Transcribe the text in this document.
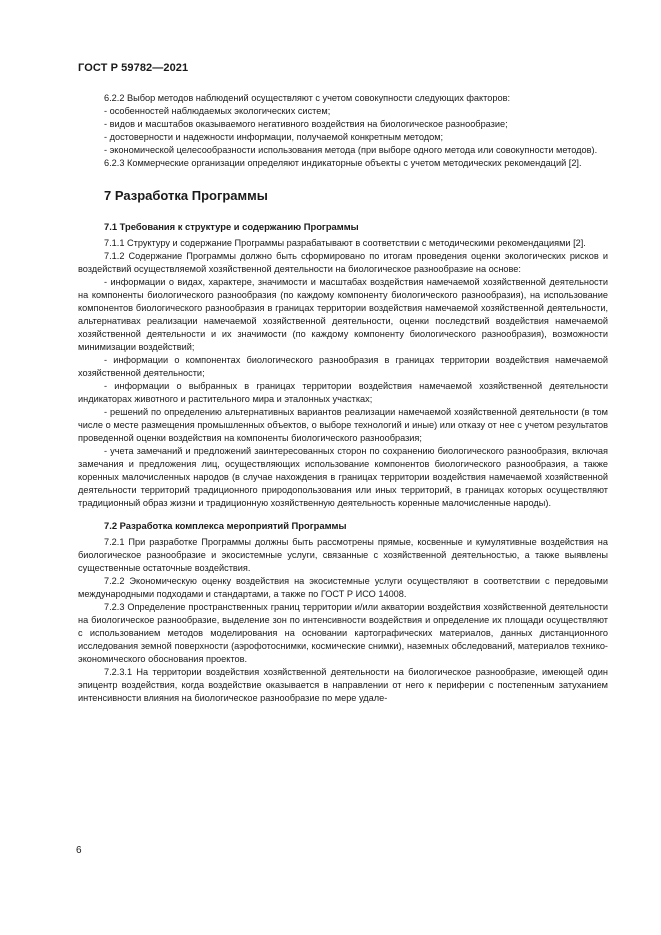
ГОСТ Р 59782—2021

6.2.2 Выбор методов наблюдений осуществляют с учетом совокупности следующих факторов:

- особенностей наблюдаемых экологических систем;

- видов и масштабов оказываемого негативного воздействия на биологическое разнообразие;

- достоверности и надежности информации, получаемой конкретным методом;

- экономической целесообразности использования метода (при выборе одного метода или совокупности методов).

6.2.3 Коммерческие организации определяют индикаторные объекты с учетом методических рекомендаций [2].

7 Разработка Программы
7.1 Требования к структуре и содержанию Программы

7.1.1 Структуру и содержание Программы разрабатывают в соответствии с методическими рекомендациями [2].

7.1.2 Содержание Программы должно быть сформировано по итогам проведения оценки экологических рисков и воздействий осуществляемой хозяйственной деятельности на биологическое разнообразие на основе:

- информации о видах, характере, значимости и масштабах воздействия намечаемой хозяйственной деятельности на компоненты биологического разнообразия (по каждому компоненту биологического разнообразия), на использование компонентов биологического разнообразия в границах территории воздействия намечаемой хозяйственной деятельности, альтернативах реализации намечаемой хозяйственной деятельности, оценки последствий воздействия намечаемой хозяйственной деятельности и их значимости (по каждому компоненту биологического разнообразия), возможности минимизации воздействий;

- информации о компонентах биологического разнообразия в границах территории воздействия намечаемой хозяйственной деятельности;

- информации о выбранных в границах территории воздействия намечаемой хозяйственной деятельности индикаторах животного и растительного мира и эталонных участках;

- решений по определению альтернативных вариантов реализации намечаемой хозяйственной деятельности (в том числе о месте размещения промышленных объектов, о выборе технологий и иные) или отказу от нее с учетом результатов проведенной оценки воздействия на компоненты биологического разнообразия;

- учета замечаний и предложений заинтересованных сторон по сохранению биологического разнообразия, включая замечания и предложения лиц, осуществляющих использование компонентов биологического разнообразия, а также коренных малочисленных народов (в случае нахождения в границах территории воздействия намечаемой хозяйственной деятельности территорий традиционного природопользования или иных территорий, в границах которых осуществляют традиционный образ жизни и традиционную хозяйственную деятельность коренные малочисленные народы).

7.2 Разработка комплекса мероприятий Программы

7.2.1 При разработке Программы должны быть рассмотрены прямые, косвенные и кумулятивные воздействия на биологическое разнообразие и экосистемные услуги, связанные с хозяйственной деятельностью, а также выявлены существенные остаточные воздействия.

7.2.2 Экономическую оценку воздействия на экосистемные услуги осуществляют в соответствии с передовыми международными подходами и стандартами, а также по ГОСТ Р ИСО 14008.

7.2.3 Определение пространственных границ территории и/или акватории воздействия хозяйственной деятельности на биологическое разнообразие, выделение зон по интенсивности воздействия и определение их площади осуществляют с использованием методов моделирования на основании картографических материалов, данных дистанционного исследования земной поверхности (аэрофотоснимки, космические снимки), наземных обследований, материалов технико-экономического обоснования проектов.

7.2.3.1 На территории воздействия хозяйственной деятельности на биологическое разнообразие, имеющей один эпицентр воздействия, когда воздействие оказывается в направлении от него к периферии с постепенным затуханием интенсивности влияния на биологическое разнообразие по мере удале-

6
